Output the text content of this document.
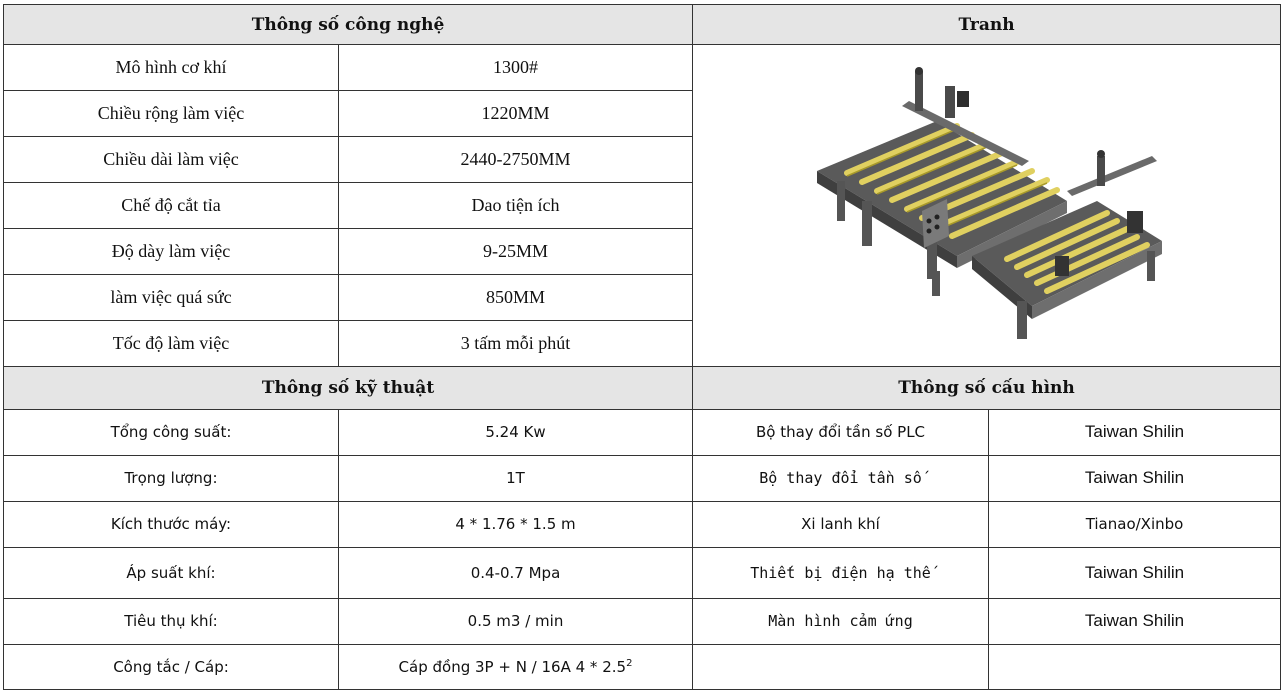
Thông số công nghệ		Tranh	
Mô hình cơ khí	1300#	

Chiều rộng làm việc	1220MM		
Chiều dài làm việc	2440-2750MM		
Chế độ cắt tỉa	Dao tiện ích		
Độ dày làm việc	9-25MM		
làm việc quá sức	850MM		
Tốc độ làm việc	3 tấm mỗi phút		
Thông số kỹ thuật		Thông số cấu hình	
Tổng công suất:	5.24 Kw	Bộ thay đổi tần số PLC	Taiwan Shilin
Trọng lượng:	1T	Bộ thay đổi tần số	Taiwan Shilin
Kích thước máy:	4 * 1.76 * 1.5 m	Xi lanh khí	Tianao/Xinbo
Áp suất khí:	0.4-0.7 Mpa	Thiết bị điện hạ thế	Taiwan Shilin
Tiêu thụ khí:	0.5 m3 / min	Màn hình cảm ứng	Taiwan Shilin
Công tắc / Cáp:	Cáp đồng 3P + N / 16A $4 * 2.5^2$		
